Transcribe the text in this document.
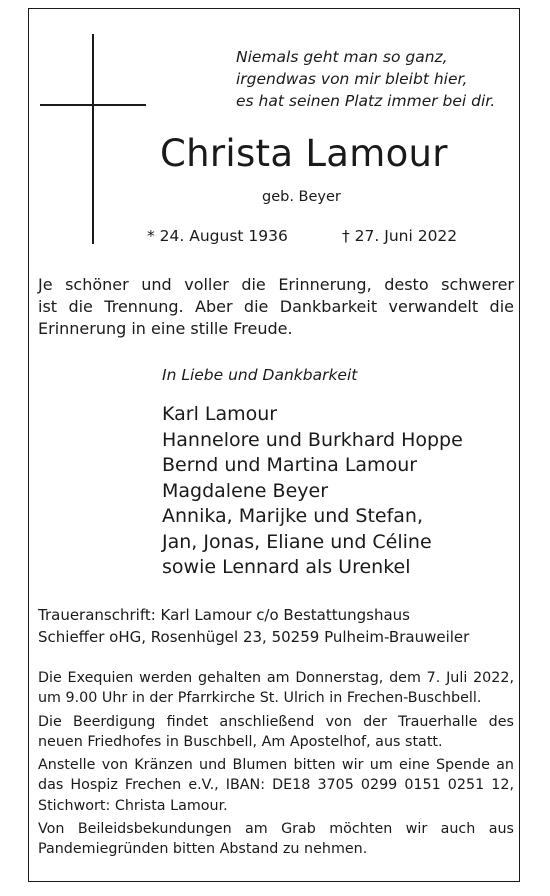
Niemals geht man so ganz,
irgendwas von mir bleibt hier,
es hat seinen Platz immer bei dir.
Christa Lamour
geb. Beyer
* 24. August 1936	† 27. Juni 2022
Je schöner und voller die Erinnerung, desto schwerer
ist die Trennung. Aber die Dankbarkeit verwandelt die
Erinnerung in eine stille Freude.
In Liebe und Dankbarkeit
Karl Lamour
Hannelore und Burkhard Hoppe
Bernd und Martina Lamour
Magdalene Beyer
Annika, Marijke und Stefan,
Jan, Jonas, Eliane und Céline
sowie Lennard als Urenkel
Traueranschrift: Karl Lamour c/o Bestattungshaus
Schieffer oHG, Rosenhügel 23, 50259 Pulheim-Brauweiler
Die Exequien werden gehalten am Donnerstag, dem 7. Juli 2022,
um 9.00 Uhr in der Pfarrkirche St. Ulrich in Frechen-Buschbell.
Die Beerdigung findet anschließend von der Trauerhalle des
neuen Friedhofes in Buschbell, Am Apostelhof, aus statt.
Anstelle von Kränzen und Blumen bitten wir um eine Spende an
das Hospiz Frechen e.V., IBAN: DE18 3705 0299 0151 0251 12,
Stichwort: Christa Lamour.
Von Beileidsbekundungen am Grab möchten wir auch aus
Pandemiegründen bitten Abstand zu nehmen.
